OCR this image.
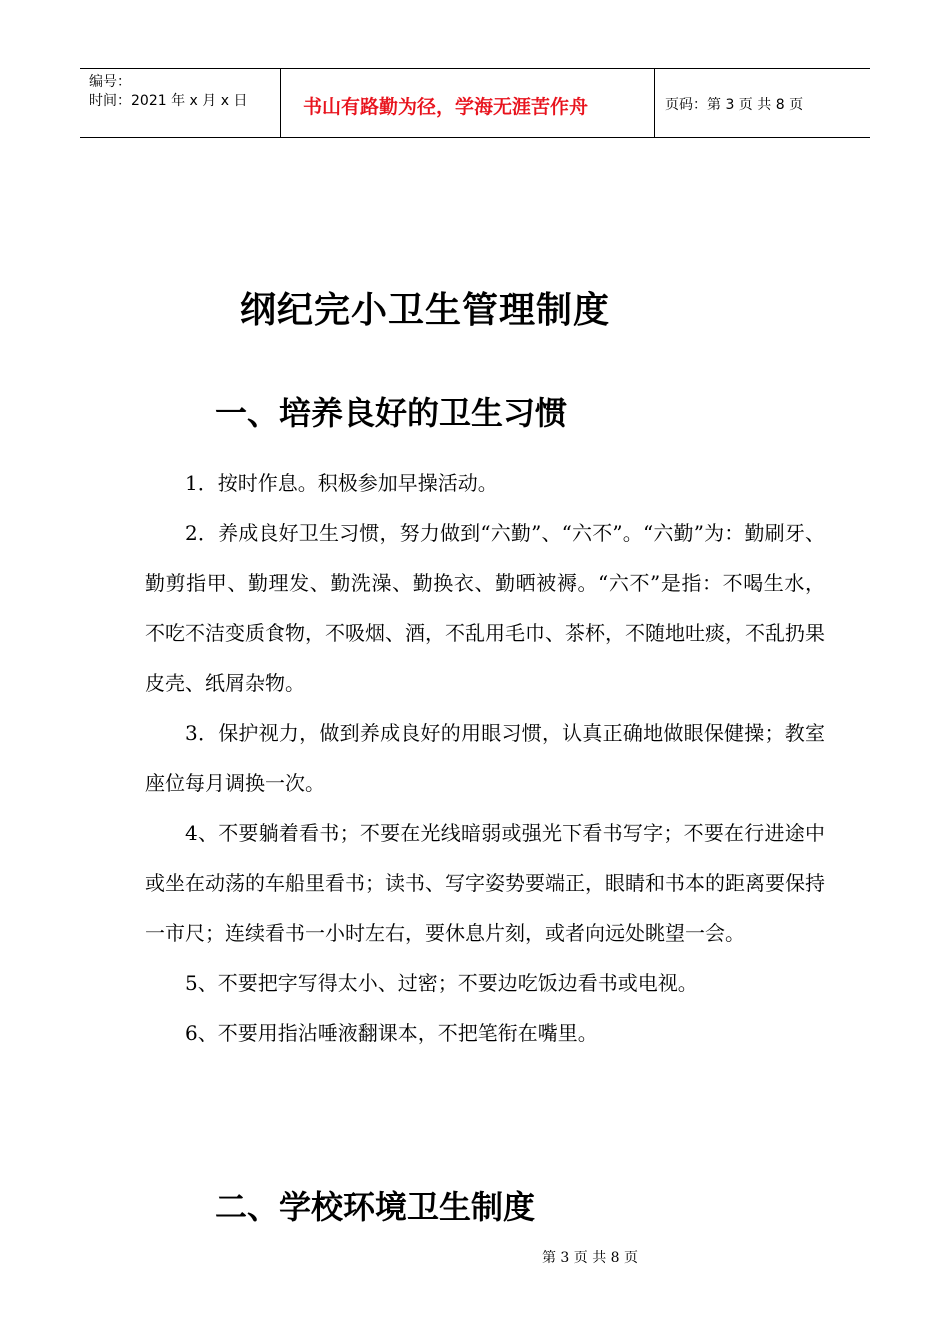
编号：
时间：2021 年 x 月 x 日	书山有路勤为径，学海无涯苦作舟	页码：第 3 页 共 8 页
纲纪完小卫生管理制度
一、培养良好的卫生习惯

1．按时作息。积极参加早操活动。

2．养成良好卫生习惯，努力做到“六勤”、“六不”。“六勤”为：勤刷牙、勤剪指甲、勤理发、勤洗澡、勤换衣、勤晒被褥。“六不”是指：不喝生水，不吃不洁变质食物，不吸烟、酒，不乱用毛巾、茶杯，不随地吐痰，不乱扔果皮壳、纸屑杂物。

3．保护视力，做到养成良好的用眼习惯，认真正确地做眼保健操；教室座位每月调换一次。

4、不要躺着看书；不要在光线暗弱或强光下看书写字；不要在行进途中或坐在动荡的车船里看书；读书、写字姿势要端正，眼睛和书本的距离要保持一市尺；连续看书一小时左右，要休息片刻，或者向远处眺望一会。

5、不要把字写得太小、过密；不要边吃饭边看书或电视。

6、不要用指沾唾液翻课本，不把笔衔在嘴里。

二、学校环境卫生制度
第 3 页 共 8 页
